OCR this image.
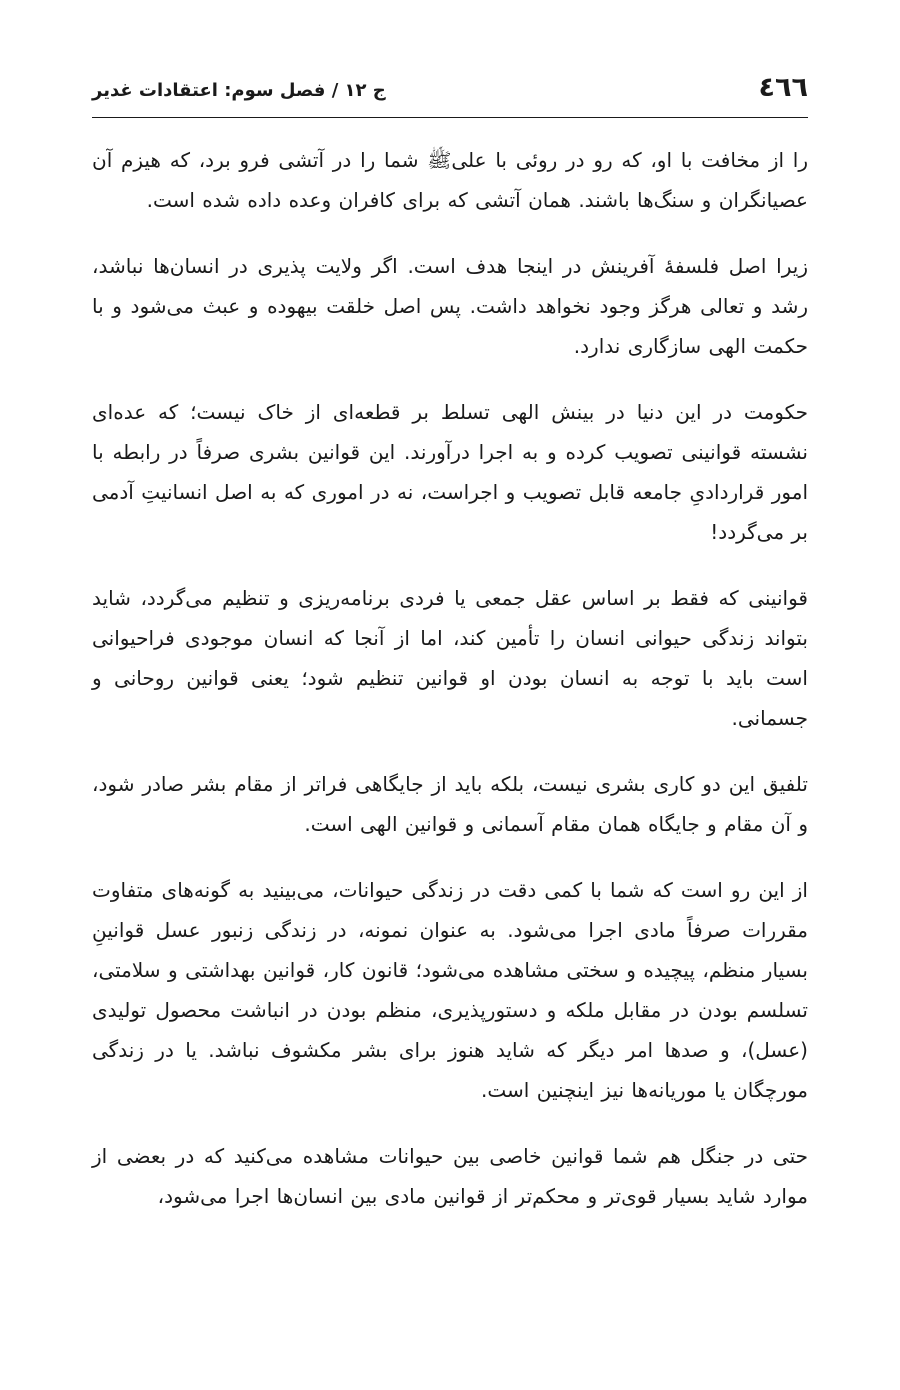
٤٦٦
ج ۱۲ / فصل سوم: اعتقادات غدیر

را از مخافت با او، که رو در روئی با علی‌ﷺ شما را در آتشی فرو برد، که هیزم آن عصیانگران و سنگ‌ها باشند. همان آتشی که برای کافران وعده داده شده است.

زیرا اصل فلسفهٔ آفرینش در اینجا هدف است. اگر ولایت پذیری در انسان‌ها نباشد، رشد و تعالی هرگز وجود نخواهد داشت. پس اصل خلقت بیهوده و عبث می‌شود و با حکمت الهی سازگاری ندارد.

حکومت در این دنیا در بینش الهی تسلط بر قطعه‌ای از خاک نیست؛ که عده‌ای نشسته قوانینی تصویب کرده و به اجرا درآورند. این قوانین بشری صرفاً در رابطه با امور قراردادیِ جامعه قابل تصویب و اجراست، نه در اموری که به اصل انسانیتِ آدمی بر می‌گردد!

قوانینی که فقط بر اساس عقل جمعی یا فردی برنامه‌ریزی و تنظیم می‌گردد، شاید بتواند زندگی حیوانی انسان را تأمین کند، اما از آنجا که انسان موجودی فراحیوانی است باید با توجه به انسان بودن او قوانین تنظیم شود؛ یعنی قوانین روحانی و جسمانی.

تلفیق این دو کاری بشری نیست، بلکه باید از جایگاهی فراتر از مقام بشر صادر شود، و آن مقام و جایگاه همان مقام آسمانی و قوانین الهی است.

از این رو است که شما با کمی دقت در زندگی حیوانات، می‌بینید به گونه‌های متفاوت مقررات صرفاً مادی اجرا می‌شود. به عنوان نمونه، در زندگی زنبور عسل قوانینِ بسیار منظم، پیچیده و سختی مشاهده می‌شود؛ قانون کار، قوانین بهداشتی و سلامتی، تسلسم بودن در مقابل ملکه و دستورپذیری، منظم بودن در انباشت محصول تولیدی (عسل)، و صدها امر دیگر که شاید هنوز برای بشر مکشوف نباشد. یا در زندگی مورچگان یا موریانه‌ها نیز اینچنین است.

حتی در جنگل هم شما قوانین خاصی بین حیوانات مشاهده می‌کنید که در بعضی از موارد شاید بسیار قوی‌تر و محکم‌تر از قوانین مادی بین انسان‌ها اجرا می‌شود،
